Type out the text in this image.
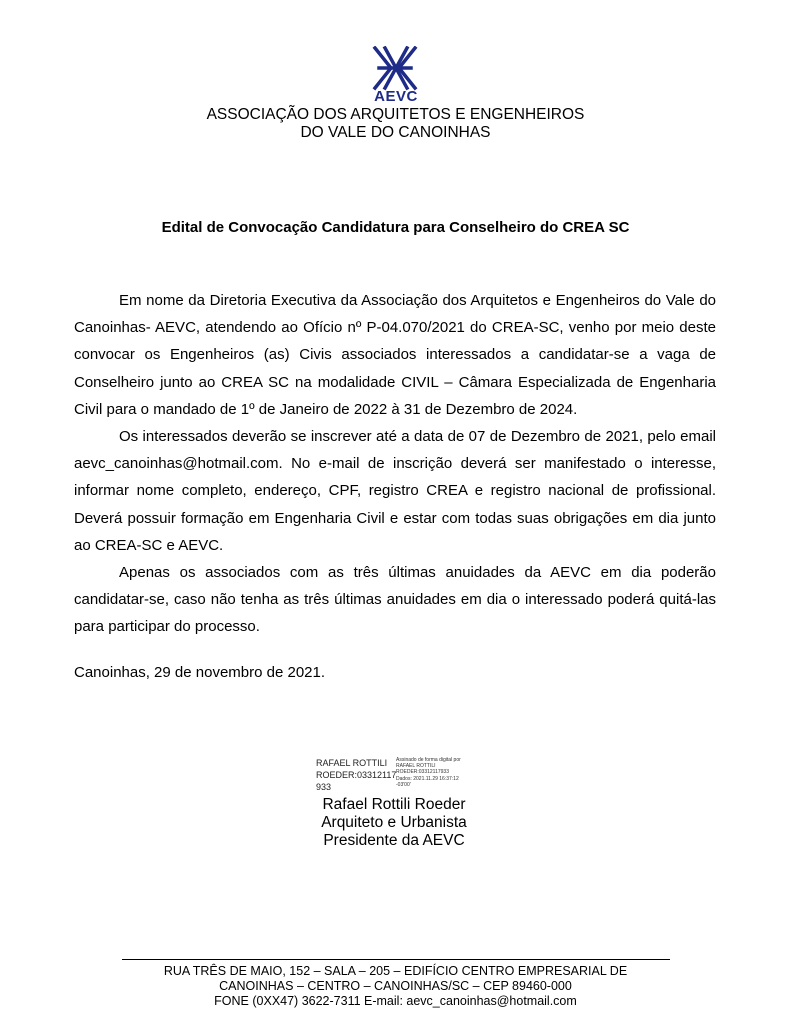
AEVC
ASSOCIAÇÃO DOS ARQUITETOS E ENGENHEIROS
DO VALE DO CANOINHAS
Edital de Convocação Candidatura para Conselheiro do CREA SC

Em nome da Diretoria Executiva da Associação dos Arquitetos e Engenheiros do Vale do Canoinhas- AEVC, atendendo ao Ofício nº P-04.070/2021 do CREA-SC, venho por meio deste convocar os Engenheiros (as) Civis associados interessados a candidatar-se a vaga de Conselheiro junto ao CREA SC na modalidade CIVIL – Câmara Especializada de Engenharia Civil para o mandado de 1º de Janeiro de 2022 à 31 de Dezembro de 2024.

Os interessados deverão se inscrever até a data de 07 de Dezembro de 2021, pelo email aevc_canoinhas@hotmail.com. No e-mail de inscrição deverá ser manifestado o interesse, informar nome completo, endereço, CPF, registro CREA e registro nacional de profissional. Deverá possuir formação em Engenharia Civil e estar com todas suas obrigações em dia junto ao CREA-SC e AEVC.

Apenas os associados com as três últimas anuidades da AEVC em dia poderão candidatar-se, caso não tenha as três últimas anuidades em dia o interessado poderá quitá-las para participar do processo.

Canoinhas, 29 de novembro de 2021.
RAFAEL ROTTILI
ROEDER:03312117
933
Assinado de forma digital por
RAFAEL ROTTILI
ROEDER:03312117933
Dados: 2021.11.29 16:37:12
-03'00'
Rafael Rottili Roeder
Arquiteto e Urbanista
Presidente da AEVC
RUA TRÊS DE MAIO, 152 – SALA – 205 – EDIFÍCIO CENTRO EMPRESARIAL DE
CANOINHAS – CENTRO – CANOINHAS/SC – CEP 89460-000
FONE (0XX47) 3622-7311 E-mail: aevc_canoinhas@hotmail.com
